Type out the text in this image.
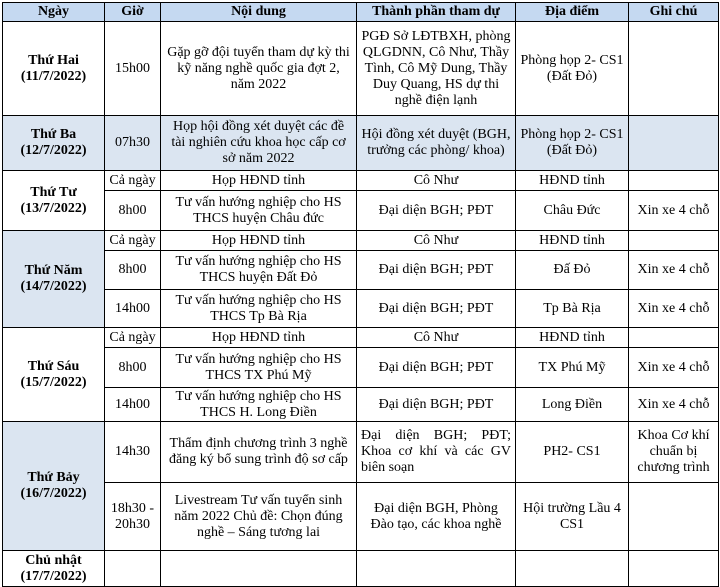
Ngày	Giờ	Nội dung	Thành phần tham dự	Địa điểm	Ghi chú
Thứ Hai
(11/7/2022)	15h00	Gặp gỡ đội tuyển tham dự kỳ thi kỹ năng nghề quốc gia đợt 2, năm 2022	PGĐ Sở LĐTBXH, phòng QLGDNN, Cô Như, Thầy Tình, Cô Mỹ Dung, Thầy Duy Quang, HS dự thi nghề điện lạnh	Phòng họp 2- CS1 (Đất Đỏ)	
Thứ Ba
(12/7/2022)	07h30	Họp hội đồng xét duyệt các đề tài nghiên cứu khoa học cấp cơ sở năm 2022	Hội đồng xét duyệt (BGH, trưởng các phòng/ khoa)	Phòng họp 2- CS1 (Đất Đỏ)	
Thứ Tư
(13/7/2022)	Cả ngày	Họp HĐND tỉnh	Cô Như	HĐND tỉnh	
	8h00	Tư vấn hướng nghiệp cho HS THCS huyện Châu đức	Đại diện BGH; PĐT	Châu Đức	Xin xe 4 chỗ
Thứ Năm
(14/7/2022)	Cả ngày	Họp HĐND tỉnh	Cô Như	HĐND tỉnh	
	8h00	Tư vấn hướng nghiệp cho HS THCS huyện Đất Đỏ	Đại diện BGH; PĐT	Đấ Đỏ	Xin xe 4 chỗ
	14h00	Tư vấn hướng nghiệp cho HS THCS Tp Bà Rịa	Đại diện BGH; PĐT	Tp Bà Rịa	Xin xe 4 chỗ
Thứ Sáu
(15/7/2022)	Cả ngày	Họp HĐND tỉnh	Cô Như	HĐND tỉnh	
	8h00	Tư vấn hướng nghiệp cho HS THCS TX Phú Mỹ	Đại diện BGH; PĐT	TX Phú Mỹ	Xin xe 4 chỗ
	14h00	Tư vấn hướng nghiệp cho HS THCS H. Long Điền	Đại diện BGH; PĐT	Long Điền	Xin xe 4 chỗ
Thứ Bảy
(16/7/2022)	14h30	Thẩm định chương trình 3 nghề đăng ký bổ sung trình độ sơ cấp	Đại diện BGH; PĐT; Khoa cơ khí và các GV biên soạn	PH2- CS1	Khoa Cơ khí chuẩn bị chương trình
	18h30 - 20h30	Livestream Tư vấn tuyển sinh năm 2022 Chủ đề: Chọn đúng nghề – Sáng tương lai	Đại diện BGH, Phòng Đào tạo, các khoa nghề	Hội trường Lầu 4 CS1	
Chủ nhật
(17/7/2022)					
